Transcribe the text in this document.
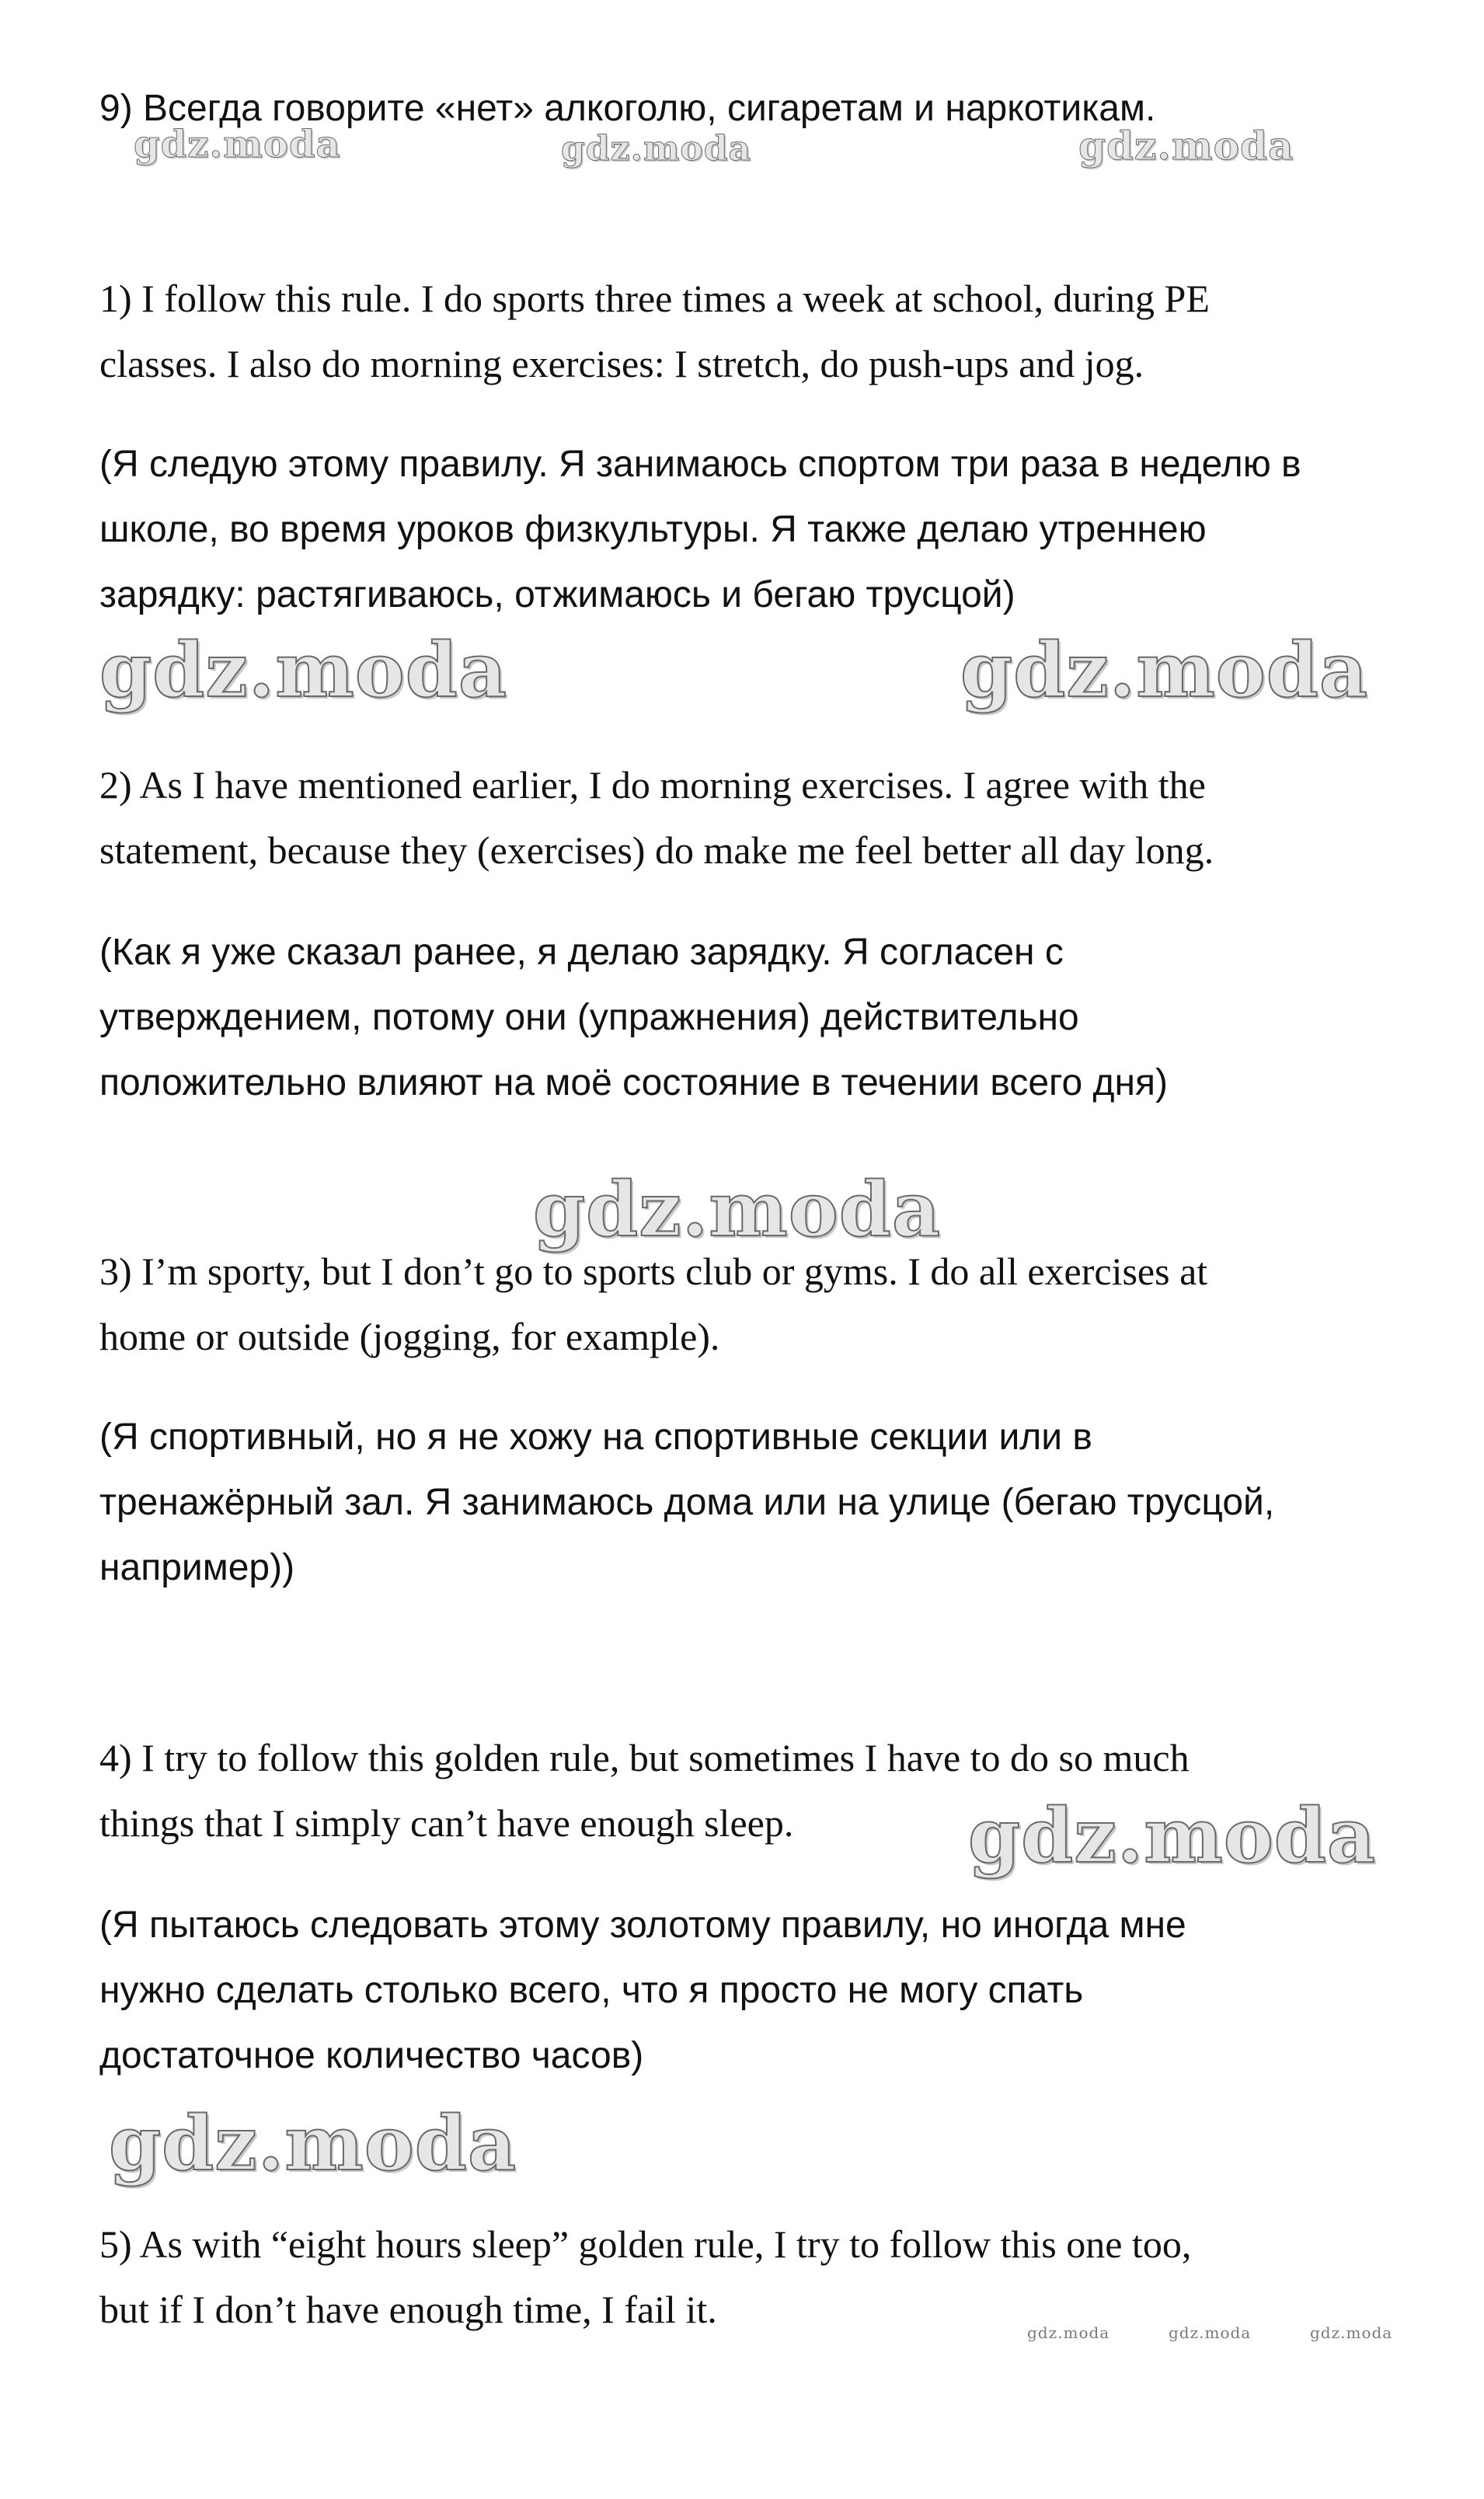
9) Всегда говорите «нет» алкоголю, сигаретам и наркотикам.

1) I follow this rule. I do sports three times a week at school, during PE

classes. I also do morning exercises: I stretch, do push-ups and jog.

(Я следую этому правилу. Я занимаюсь спортом три раза в неделю в

школе, во время уроков физкультуры. Я также делаю утреннею

зарядку: растягиваюсь, отжимаюсь и бегаю трусцой)

2) As I have mentioned earlier, I do morning exercises. I agree with the

statement, because they (exercises) do make me feel better all day long.

(Как я уже сказал ранее, я делаю зарядку. Я согласен с

утверждением, потому они (упражнения) действительно

положительно влияют на моё состояние в течении всего дня)

3) I’m sporty, but I don’t go to sports club or gyms. I do all exercises at

home or outside (jogging, for example).

(Я спортивный, но я не хожу на спортивные секции или в

тренажёрный зал. Я занимаюсь дома или на улице (бегаю трусцой,

например))

4) I try to follow this golden rule, but sometimes I have to do so much

things that I simply can’t have enough sleep.

(Я пытаюсь следовать этому золотому правилу, но иногда мне

нужно сделать столько всего, что я просто не могу спать

достаточное количество часов)

5) As with “eight hours sleep” golden rule, I try to follow this one too,

but if I don’t have enough time, I fail it.

gdz.moda	gdz.moda	gdz.moda
gdz.moda	gdz.moda
gdz.moda
gdz.moda
gdz.moda
gdz.moda	gdz.moda	gdz.moda
